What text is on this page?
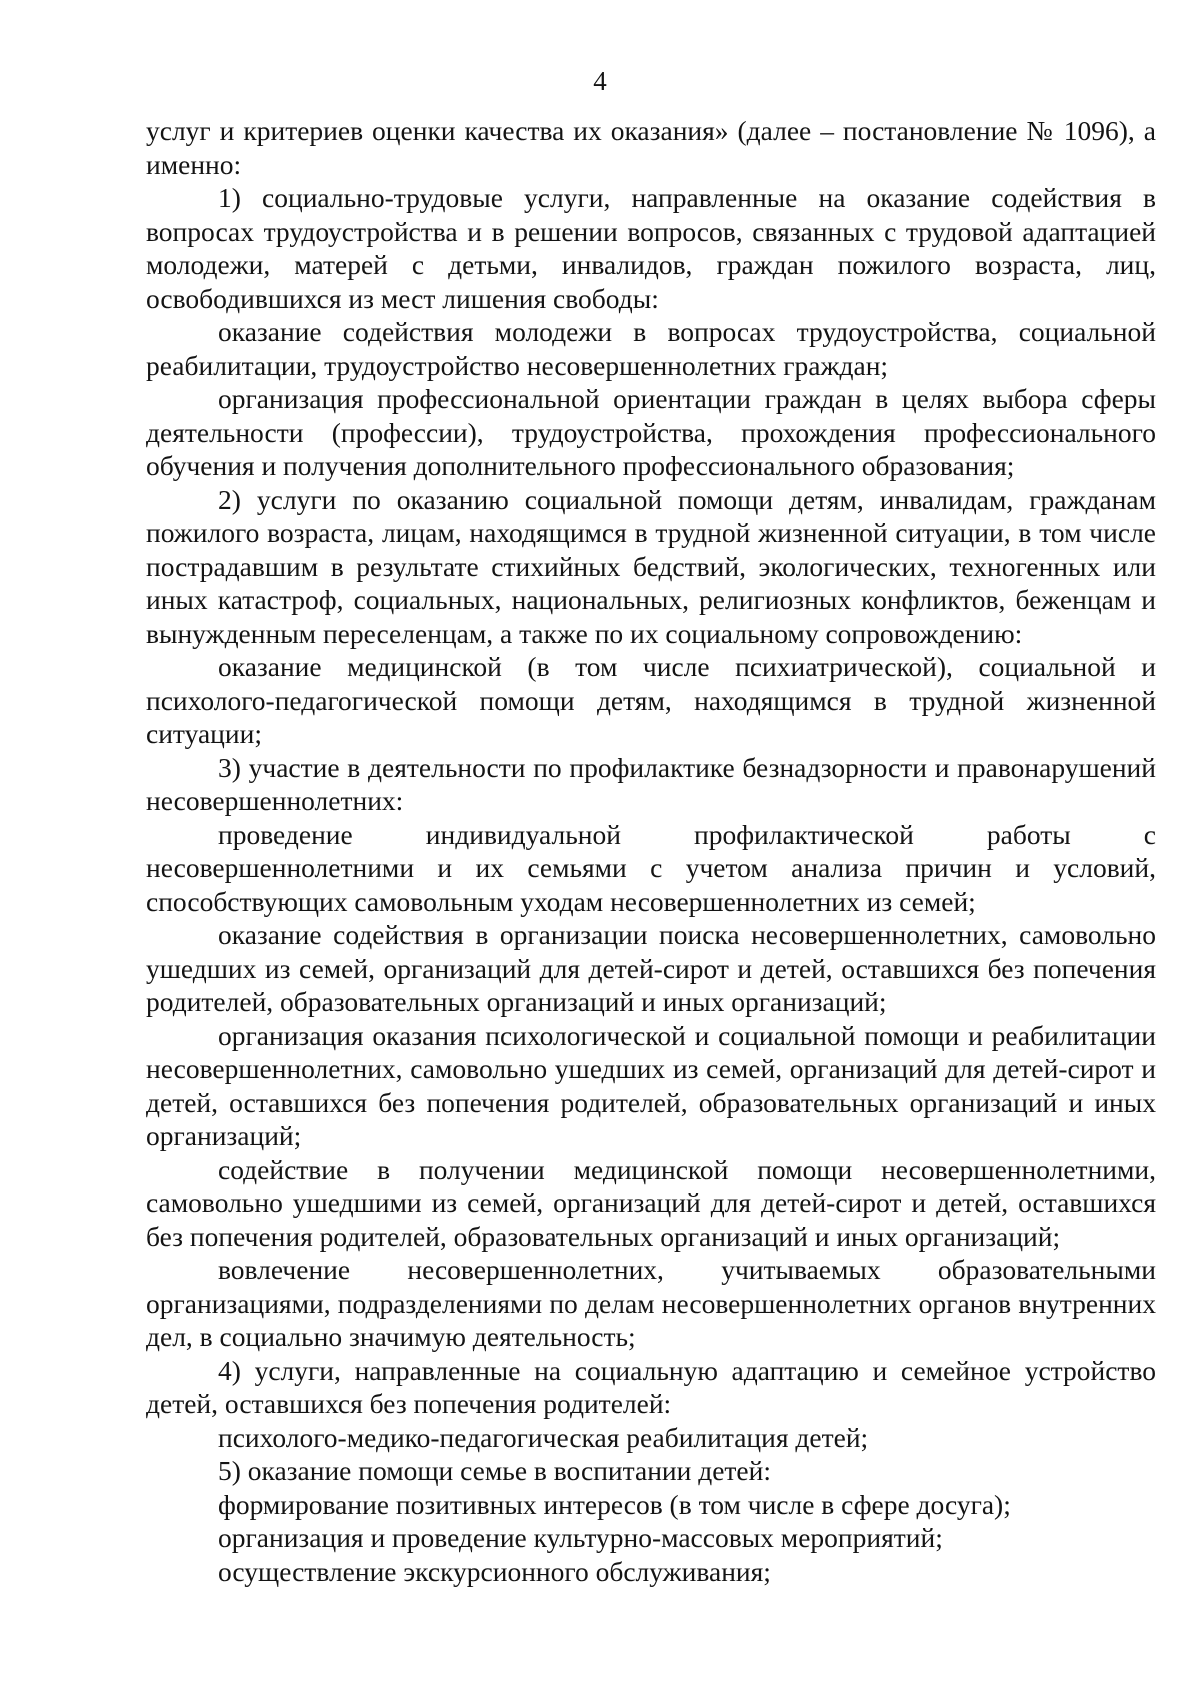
4

услуг и критериев оценки качества их оказания» (далее – постановление № 1096), а именно:

1) социально-трудовые услуги, направленные на оказание содействия в вопросах трудоустройства и в решении вопросов, связанных с трудовой адаптацией молодежи, матерей с детьми, инвалидов, граждан пожилого возраста, лиц, освободившихся из мест лишения свободы:

оказание содействия молодежи в вопросах трудоустройства, социальной реабилитации, трудоустройство несовершеннолетних граждан;

организация профессиональной ориентации граждан в целях выбора сферы деятельности (профессии), трудоустройства, прохождения профессионального обучения и получения дополнительного профессионального образования;

2) услуги по оказанию социальной помощи детям, инвалидам, гражданам пожилого возраста, лицам, находящимся в трудной жизненной ситуации, в том числе пострадавшим в результате стихийных бедствий, экологических, техногенных или иных катастроф, социальных, национальных, религиозных конфликтов, беженцам и вынужденным переселенцам, а также по их социальному сопровождению:

оказание медицинской (в том числе психиатрической), социальной и психолого-педагогической помощи детям, находящимся в трудной жизненной ситуации;

3) участие в деятельности по профилактике безнадзорности и правонарушений несовершеннолетних:

проведение индивидуальной профилактической работы с несовершеннолетними и их семьями с учетом анализа причин и условий, способствующих самовольным уходам несовершеннолетних из семей;

оказание содействия в организации поиска несовершеннолетних, самовольно ушедших из семей, организаций для детей-сирот и детей, оставшихся без попечения родителей, образовательных организаций и иных организаций;

организация оказания психологической и социальной помощи и реабилитации несовершеннолетних, самовольно ушедших из семей, организаций для детей-сирот и детей, оставшихся без попечения родителей, образовательных организаций и иных организаций;

содействие в получении медицинской помощи несовершеннолетними, самовольно ушедшими из семей, организаций для детей-сирот и детей, оставшихся без попечения родителей, образовательных организаций и иных организаций;

вовлечение несовершеннолетних, учитываемых образовательными организациями, подразделениями по делам несовершеннолетних органов внутренних дел, в социально значимую деятельность;

4) услуги, направленные на социальную адаптацию и семейное устройство детей, оставшихся без попечения родителей:

психолого-медико-педагогическая реабилитация детей;

5) оказание помощи семье в воспитании детей:

формирование позитивных интересов (в том числе в сфере досуга);

организация и проведение культурно-массовых мероприятий;

осуществление экскурсионного обслуживания;
